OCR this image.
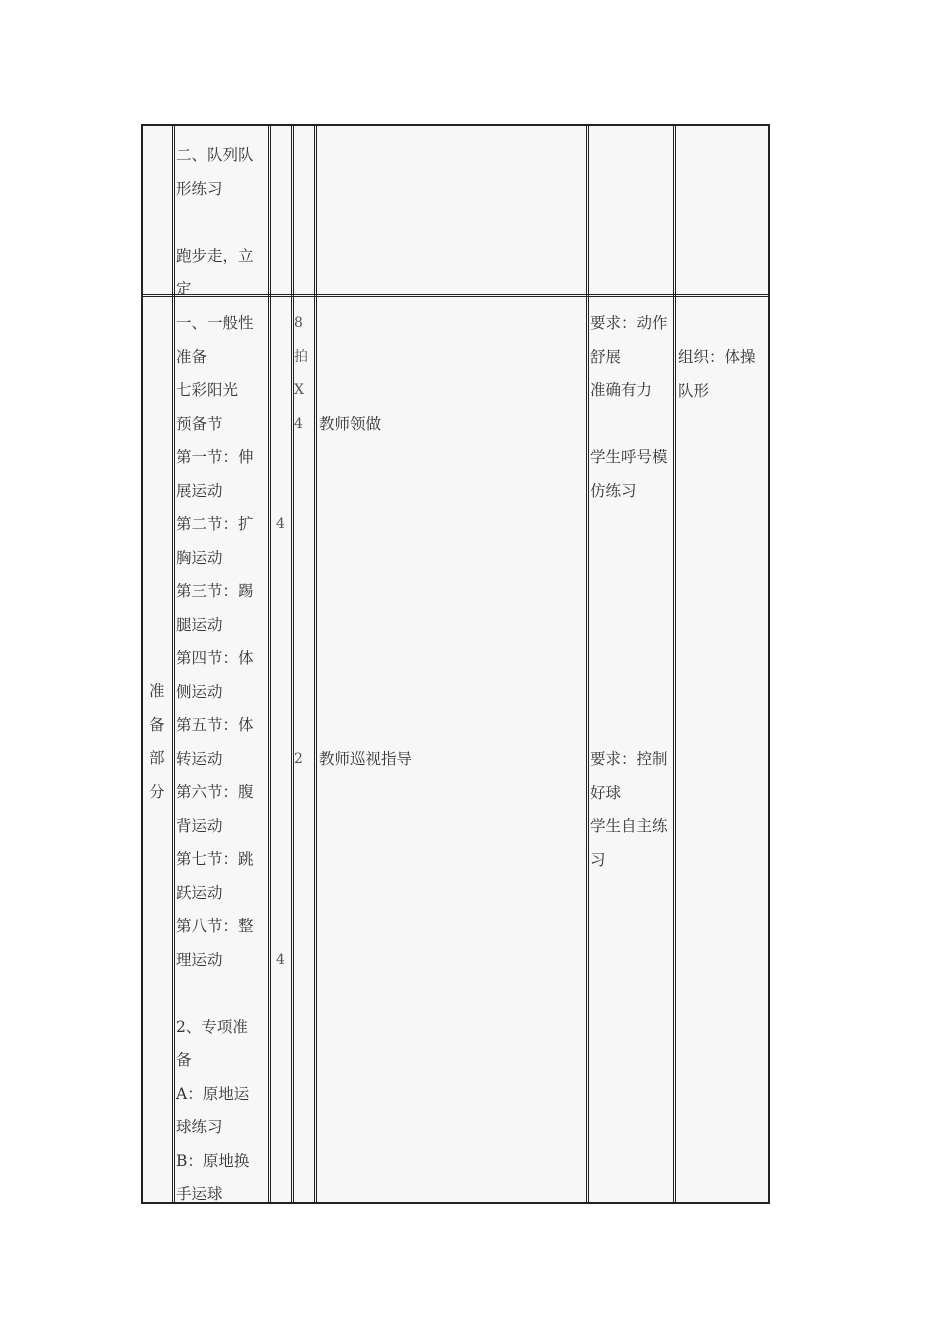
二、队列队
形练习
跑步走，立
定
准
备
部
分
一、一般性
准备
七彩阳光
预备节
第一节：伸
展运动
第二节：扩
胸运动
第三节：踢
腿运动
第四节：体
侧运动
第五节：体
转运动
第六节：腹
背运动
第七节：跳
跃运动
第八节：整
理运动
2、专项准
备
A：原地运
球练习
B：原地换
手运球
4
4
8
拍
X
4
2
教师领做
教师巡视指导
要求：动作
舒展
准确有力
学生呼号模
仿练习
要求：控制
好球
学生自主练
习
组织：体操
队形
